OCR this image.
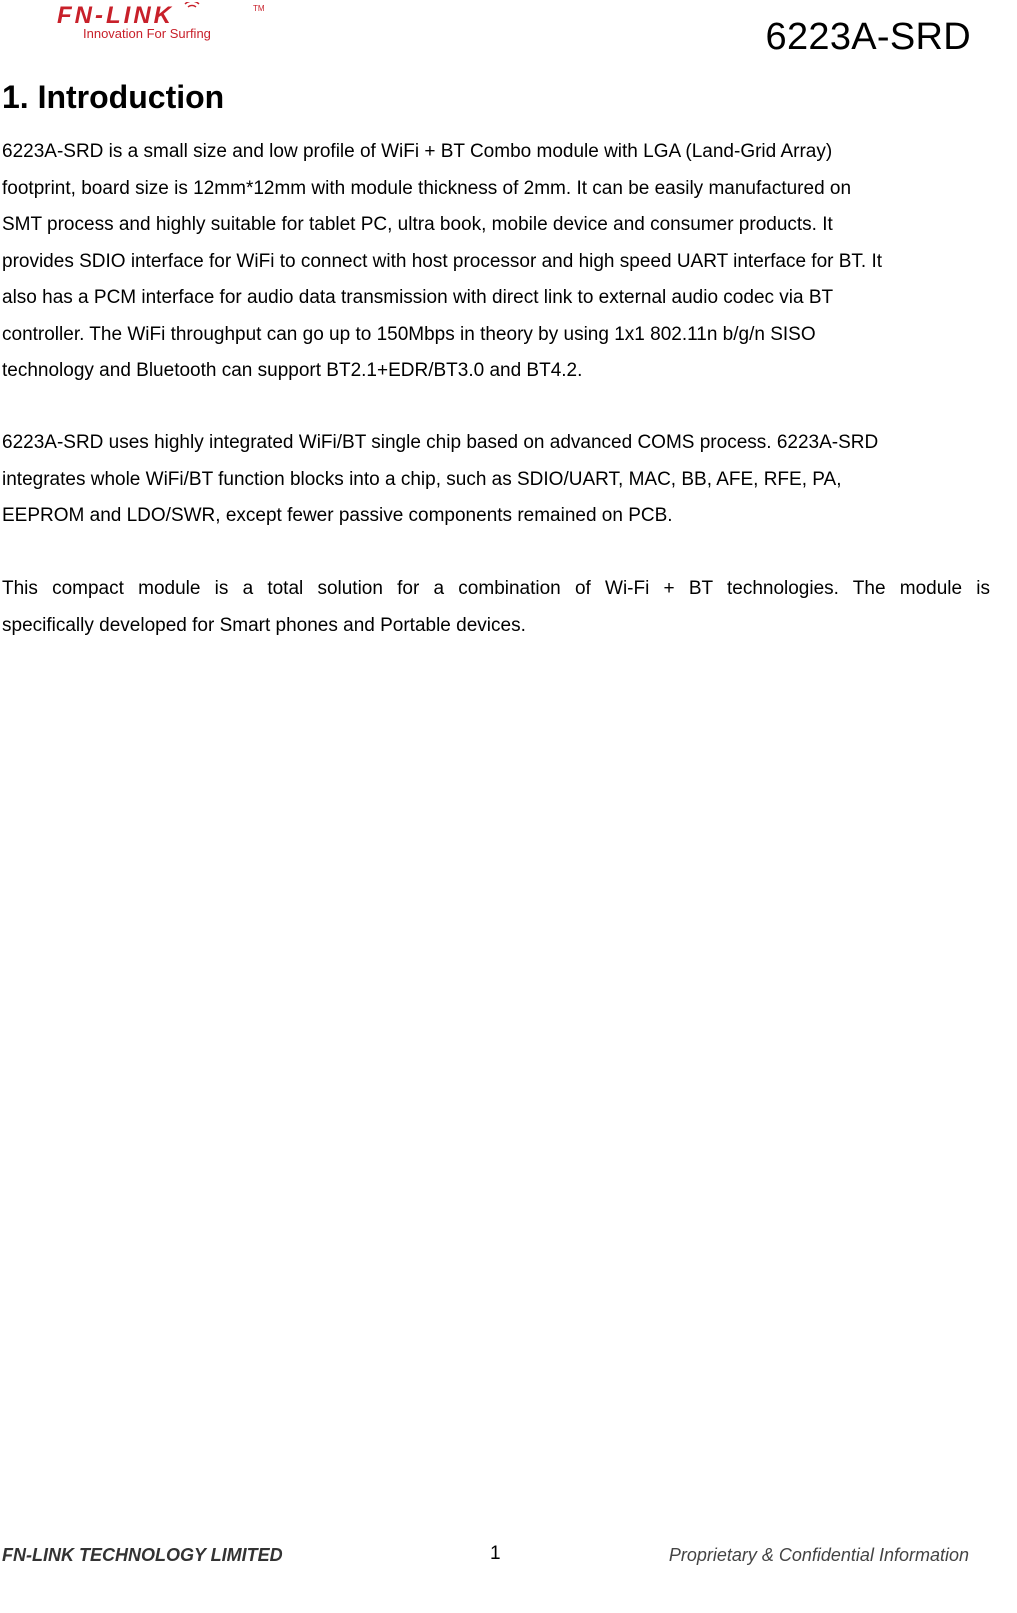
FN-LINK	TM
Innovation For Surfing	6223A-SRD
1. Introduction
6223A-SRD is a small size and low profile of WiFi + BT Combo module with LGA (Land-Grid Array)
footprint, board size is 12mm*12mm with module thickness of 2mm. It can be easily manufactured on
SMT process and highly suitable for tablet PC, ultra book, mobile device and consumer products. It
provides SDIO interface for WiFi to connect with host processor and high speed UART interface for BT. It
also has a PCM interface for audio data transmission with direct link to external audio codec via BT
controller. The WiFi throughput can go up to 150Mbps in theory by using 1x1 802.11n b/g/n SISO
technology and Bluetooth can support BT2.1+EDR/BT3.0 and BT4.2.
6223A-SRD uses highly integrated WiFi/BT single chip based on advanced COMS process. 6223A-SRD
integrates whole WiFi/BT function blocks into a chip, such as SDIO/UART, MAC, BB, AFE, RFE, PA,
EEPROM and LDO/SWR, except fewer passive components remained on PCB.
This compact module is a total solution for a combination of Wi-Fi + BT technologies. The module is
specifically developed for Smart phones and Portable devices.
FN-LINK TECHNOLOGY LIMITED	1	Proprietary & Confidential Information
